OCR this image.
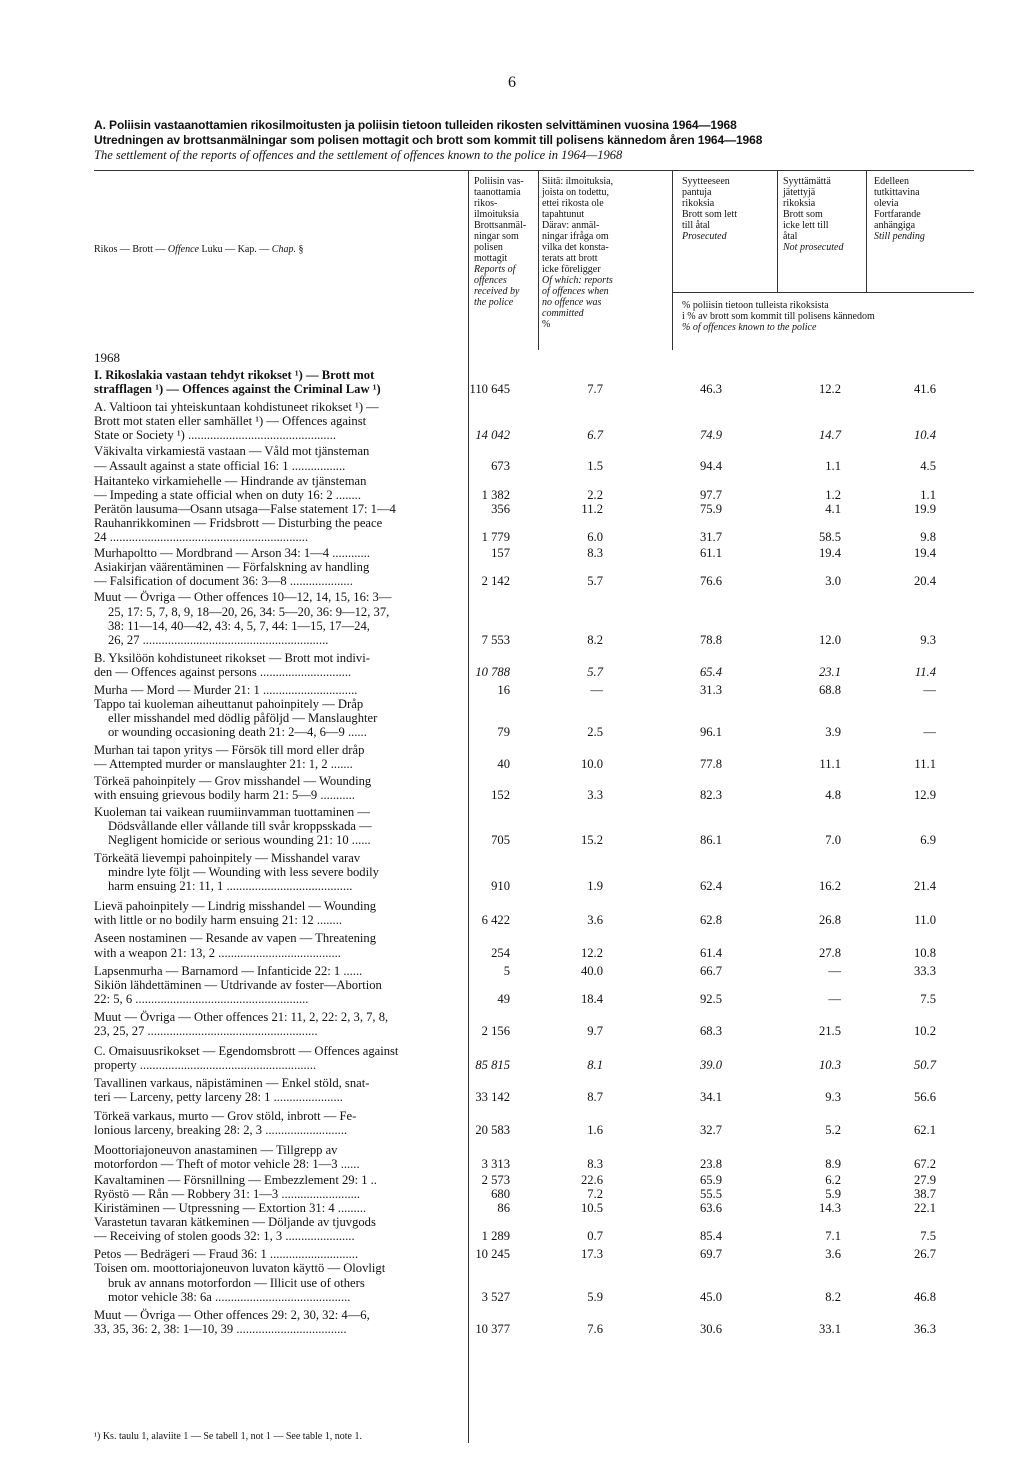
6
A. Poliisin vastaanottamien rikosilmoitusten ja poliisin tietoon tulleiden rikosten selvittäminen vuosina 1964—1968
Utredningen av brottsanmälningar som polisen mottagit och brott som kommit till polisens kännedom åren 1964—1968
The settlement of the reports of offences and the settlement of offences known to the police in 1964—1968
Rikos — Brott — Offence Luku — Kap. — Chap. §
Poliisin vas-
taanottamia
rikos-
ilmoituksia
Brottsanmäl-
ningar som
polisen
mottagit
Reports of
offences
received by
the police
Siitä: ilmoituksia,
joista on todettu,
ettei rikosta ole
tapahtunut
Därav: anmäl-
ningar ifråga om
vilka det konsta-
terats att brott
icke föreligger
Of which: reports
of offences when
no offence was
committed
%
Syytteeseen
pantuja
rikoksia
Brott som lett
till åtal
Prosecuted
Syyttämättä
jätettyjä
rikoksia
Brott som
icke lett till
åtal
Not prosecuted
Edelleen
tutkittavina
olevia
Fortfarande
anhängiga
Still pending
% poliisin tietoon tulleista rikoksista
i % av brott som kommit till polisens kännedom
% of offences known to the police
1968
I. Rikoslakia vastaan tehdyt rikokset ¹) — Brott mot
strafflagen ¹) — Offences against the Criminal Law ¹)	110 645	7.7	46.3	12.2	41.6
A. Valtioon tai yhteiskuntaan kohdistuneet rikokset ¹) —
Brott mot staten eller samhället ¹) — Offences against
State or Society ¹) ...............................................	14 042	6.7	74.9	14.7	10.4
Väkivalta virkamiestä vastaan — Våld mot tjänsteman
— Assault against a state official 16: 1 .................	673	1.5	94.4	1.1	4.5
Haitanteko virkamiehelle — Hindrande av tjänsteman
— Impeding a state official when on duty 16: 2 ........	1 382	2.2	97.7	1.2	1.1
Perätön lausuma—Osann utsaga—False statement 17: 1—4	356	11.2	75.9	4.1	19.9
Rauhanrikkominen — Fridsbrott — Disturbing the peace
24 ...............................................................	1 779	6.0	31.7	58.5	9.8
Murhapoltto — Mordbrand — Arson 34: 1—4 ............	157	8.3	61.1	19.4	19.4
Asiakirjan väärentäminen — Förfalskning av handling
— Falsification of document 36: 3—8 ....................	2 142	5.7	76.6	3.0	20.4
Muut — Övriga — Other offences 10—12, 14, 15, 16: 3—
25, 17: 5, 7, 8, 9, 18—20, 26, 34: 5—20, 36: 9—12, 37,
38: 11—14, 40—42, 43: 4, 5, 7, 44: 1—15, 17—24,
26, 27 ...........................................................	7 553	8.2	78.8	12.0	9.3
B. Yksilöön kohdistuneet rikokset — Brott mot indivi-
den — Offences against persons .............................	10 788	5.7	65.4	23.1	11.4
Murha — Mord — Murder 21: 1 ..............................	16	—	31.3	68.8	—
Tappo tai kuoleman aiheuttanut pahoinpitely — Dråp
eller misshandel med dödlig påföljd — Manslaughter
or wounding occasioning death 21: 2—4, 6—9 ......	79	2.5	96.1	3.9	—
Murhan tai tapon yritys — Försök till mord eller dråp
— Attempted murder or manslaughter 21: 1, 2 .......	40	10.0	77.8	11.1	11.1
Törkeä pahoinpitely — Grov misshandel — Wounding
with ensuing grievous bodily harm 21: 5—9 ...........	152	3.3	82.3	4.8	12.9
Kuoleman tai vaikean ruumiinvamman tuottaminen —
Dödsvållande eller vållande till svår kroppsskada —
Negligent homicide or serious wounding 21: 10 ......	705	15.2	86.1	7.0	6.9
Törkeätä lievempi pahoinpitely — Misshandel varav
mindre lyte följt — Wounding with less severe bodily
harm ensuing 21: 11, 1 ........................................	910	1.9	62.4	16.2	21.4
Lievä pahoinpitely — Lindrig misshandel — Wounding
with little or no bodily harm ensuing 21: 12 ........	6 422	3.6	62.8	26.8	11.0
Aseen nostaminen — Resande av vapen — Threatening
with a weapon 21: 13, 2 .......................................	254	12.2	61.4	27.8	10.8
Lapsenmurha — Barnamord — Infanticide 22: 1 ......	5	40.0	66.7	—	33.3
Sikiön lähdettäminen — Utdrivande av foster—Abortion
22: 5, 6 .......................................................	49	18.4	92.5	—	7.5
Muut — Övriga — Other offences 21: 11, 2, 22: 2, 3, 7, 8,
23, 25, 27 ......................................................	2 156	9.7	68.3	21.5	10.2
C. Omaisuusrikokset — Egendomsbrott — Offences against
property ........................................................	85 815	8.1	39.0	10.3	50.7
Tavallinen varkaus, näpistäminen — Enkel stöld, snat-
teri — Larceny, petty larceny 28: 1 ......................	33 142	8.7	34.1	9.3	56.6
Törkeä varkaus, murto — Grov stöld, inbrott — Fe-
lonious larceny, breaking 28: 2, 3 ..........................	20 583	1.6	32.7	5.2	62.1
Moottoriajoneuvon anastaminen — Tillgrepp av
motorfordon — Theft of motor vehicle 28: 1—3 ......	3 313	8.3	23.8	8.9	67.2
Kavaltaminen — Försnillning — Embezzlement 29: 1 ..	2 573	22.6	65.9	6.2	27.9
Ryöstö — Rån — Robbery 31: 1—3 .........................	680	7.2	55.5	5.9	38.7
Kiristäminen — Utpressning — Extortion 31: 4 .........	86	10.5	63.6	14.3	22.1
Varastetun tavaran kätkeminen — Döljande av tjuvgods
— Receiving of stolen goods 32: 1, 3 ......................	1 289	0.7	85.4	7.1	7.5
Petos — Bedrägeri — Fraud 36: 1 ............................	10 245	17.3	69.7	3.6	26.7
Toisen om. moottoriajoneuvon luvaton käyttö — Olovligt
bruk av annans motorfordon — Illicit use of others
motor vehicle 38: 6a ...........................................	3 527	5.9	45.0	8.2	46.8
Muut — Övriga — Other offences 29: 2, 30, 32: 4—6,
33, 35, 36: 2, 38: 1—10, 39 ...................................	10 377	7.6	30.6	33.1	36.3
¹) Ks. taulu 1, alaviite 1 — Se tabell 1, not 1 — See table 1, note 1.
